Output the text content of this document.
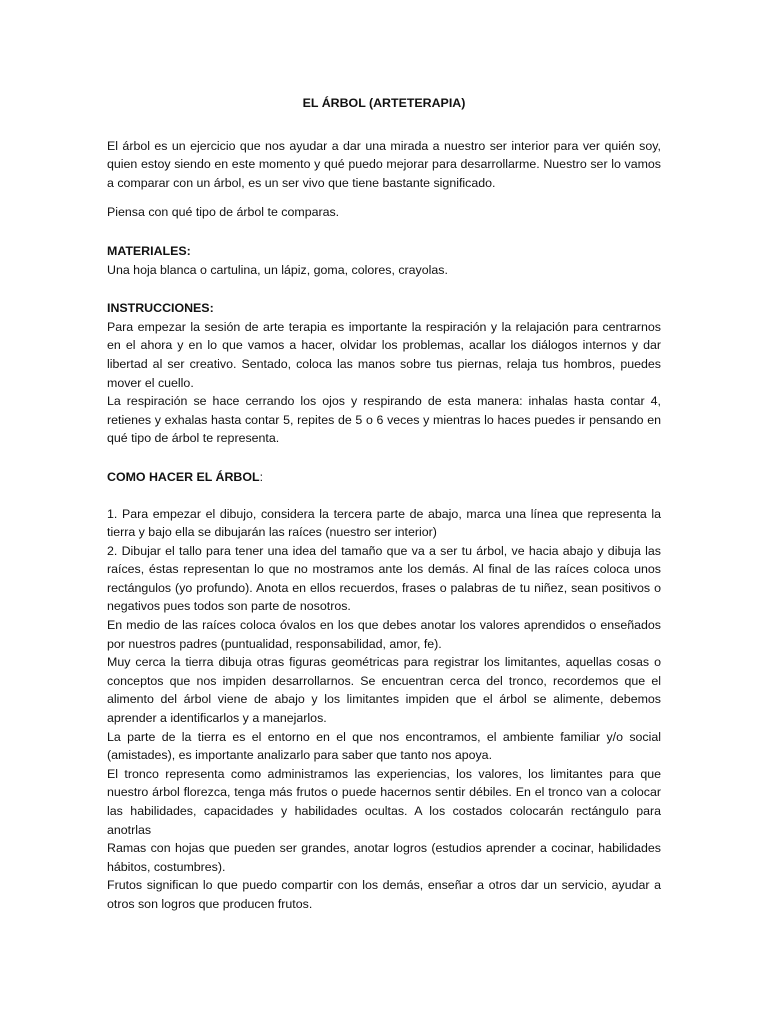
EL ÁRBOL (ARTETERAPIA)

El árbol es un ejercicio que nos ayudar a dar una mirada a nuestro ser interior para ver quién soy, quien estoy siendo en este momento y qué puedo mejorar para desarrollarme. Nuestro ser lo vamos a comparar con un árbol, es un ser vivo que tiene bastante significado.

Piensa con qué tipo de árbol te comparas.

MATERIALES:

Una hoja blanca o cartulina, un lápiz, goma, colores, crayolas.

INSTRUCCIONES:

Para empezar la sesión de arte terapia es importante la respiración y la relajación para centrarnos en el ahora y en lo que vamos a hacer, olvidar los problemas, acallar los diálogos internos y dar libertad al ser creativo. Sentado, coloca las manos sobre tus piernas, relaja tus hombros, puedes mover el cuello.

La respiración se hace cerrando los ojos y respirando de esta manera: inhalas hasta contar 4, retienes y exhalas hasta contar 5, repites de 5 o 6 veces y mientras lo haces puedes ir pensando en qué tipo de árbol te representa.

COMO HACER EL ÁRBOL:

1. Para empezar el dibujo, considera la tercera parte de abajo, marca una línea que representa la tierra y bajo ella se dibujarán las raíces (nuestro ser interior)

2. Dibujar el tallo para tener una idea del tamaño que va a ser tu árbol, ve hacia abajo y dibuja las raíces, éstas representan lo que no mostramos ante los demás. Al final de las raíces coloca unos rectángulos (yo profundo). Anota en ellos recuerdos, frases o palabras de tu niñez, sean positivos o negativos pues todos son parte de nosotros.

En medio de las raíces coloca óvalos en los que debes anotar los valores aprendidos o enseñados por nuestros padres (puntualidad, responsabilidad, amor, fe).

Muy cerca la tierra dibuja otras figuras geométricas para registrar los limitantes, aquellas cosas o conceptos que nos impiden desarrollarnos. Se encuentran cerca del tronco, recordemos que el alimento del árbol viene de abajo y los limitantes impiden que el árbol se alimente, debemos aprender a identificarlos y a manejarlos.

La parte de la tierra es el entorno en el que nos encontramos, el ambiente familiar y/o social (amistades), es importante analizarlo para saber que tanto nos apoya.

El tronco representa como administramos las experiencias, los valores, los limitantes para que nuestro árbol florezca, tenga más frutos o puede hacernos sentir débiles. En el tronco van a colocar las habilidades, capacidades y habilidades ocultas. A los costados colocarán rectángulo para anotrlas

Ramas con hojas que pueden ser grandes, anotar logros (estudios aprender a cocinar, habilidades hábitos, costumbres).

Frutos significan lo que puedo compartir con los demás, enseñar a otros dar un servicio, ayudar a otros son logros que producen frutos.
